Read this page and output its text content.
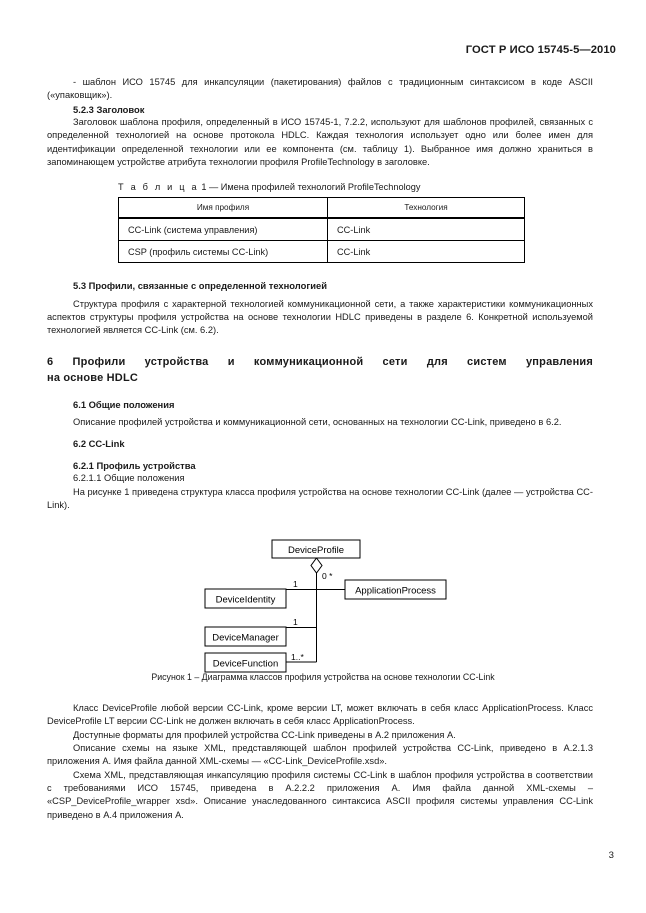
ГОСТ Р ИСО 15745-5—2010

- шаблон ИСО 15745 для инкапсуляции (пакетирования) файлов с традиционным синтаксисом в коде ASCII («упаковщик»).

5.2.3 Заголовок

Заголовок шаблона профиля, определенный в ИСО 15745-1, 7.2.2, используют для шаблонов профилей, связанных с определенной технологией на основе протокола HDLC. Каждая технология использует одно или более имен для идентификации определенной технологии или ее компонента (см. таблицу 1). Выбранное имя должно храниться в запоминающем устройстве атрибута технологии профиля ProfileTechnology в заголовке.

Т а б л и ц а 1 — Имена профилей технологий ProfileTechnology
Имя профиля	Технология
CC-Link (система управления)	CC-Link
CSP (профиль системы CC-Link)	CC-Link
5.3 Профили, связанные с определенной технологией

Структура профиля с характерной технологией коммуникационной сети, а также характеристики коммуникационных аспектов структуры профиля устройства на основе технологии HDLC приведены в разделе 6. Конкретной используемой технологией является CC-Link (см. 6.2).

6 Профили устройства и коммуникационной сети для систем управления
на основе HDLC
6.1 Общие положения

Описание профилей устройства и коммуникационной сети, основанных на технологии CC-Link, приведено в 6.2.

6.2 CC-Link
6.2.1 Профиль устройства

6.2.1.1 Общие положения

На рисунке 1 приведена структура класса профиля устройства на основе технологии CC-Link (далее — устройства CC-Link).

DeviceProfile
ApplicationProcess
DeviceIdentity
DeviceManager
DeviceFunction
0 *
1
1
1..*
Рисунок 1 – Диаграмма классов профиля устройства на основе технологии CC-Link

Класс DeviceProfile любой версии CC-Link, кроме версии LT, может включать в себя класс ApplicationProcess. Класс DeviceProfile LT версии CC-Link не должен включать в себя класс ApplicationProcess.

Доступные форматы для профилей устройства CC-Link приведены в А.2 приложения А.

Описание схемы на языке XML, представляющей шаблон профилей устройства CC-Link, приведено в А.2.1.3 приложения А. Имя файла данной XML-схемы — «CC-Link_DeviceProfile.xsd».

Схема XML, представляющая инкапсуляцию профиля системы CC-Link в шаблон профиля устройства в соответствии с требованиями ИСО 15745, приведена в А.2.2.2 приложения А. Имя файла данной XML-схемы – «CSP_DeviceProfile_wrapper xsd». Описание унаследованного синтаксиса ASCII профиля системы управления CC-Link приведено в А.4 приложения А.

3
